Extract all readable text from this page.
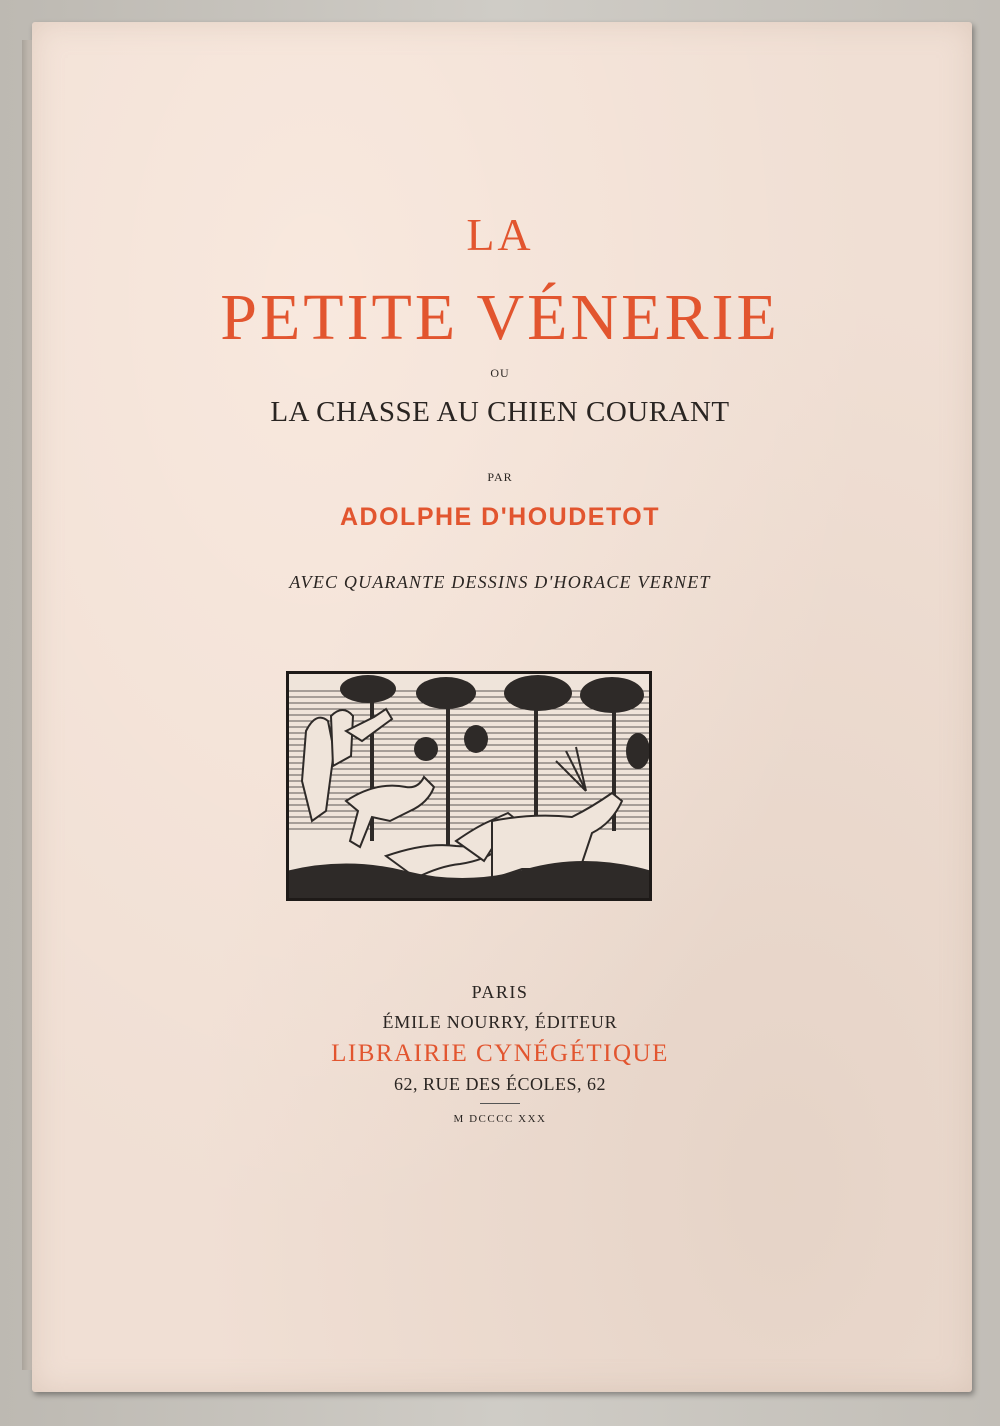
LA
PETITE VÉNERIE
OU
LA CHASSE AU CHIEN COURANT
PAR
ADOLPHE D'HOUDETOT
AVEC QUARANTE DESSINS D'HORACE VERNET
PARIS
ÉMILE NOURRY, ÉDITEUR
LIBRAIRIE CYNÉGÉTIQUE
62, RUE DES ÉCOLES, 62
M DCCCC XXX
